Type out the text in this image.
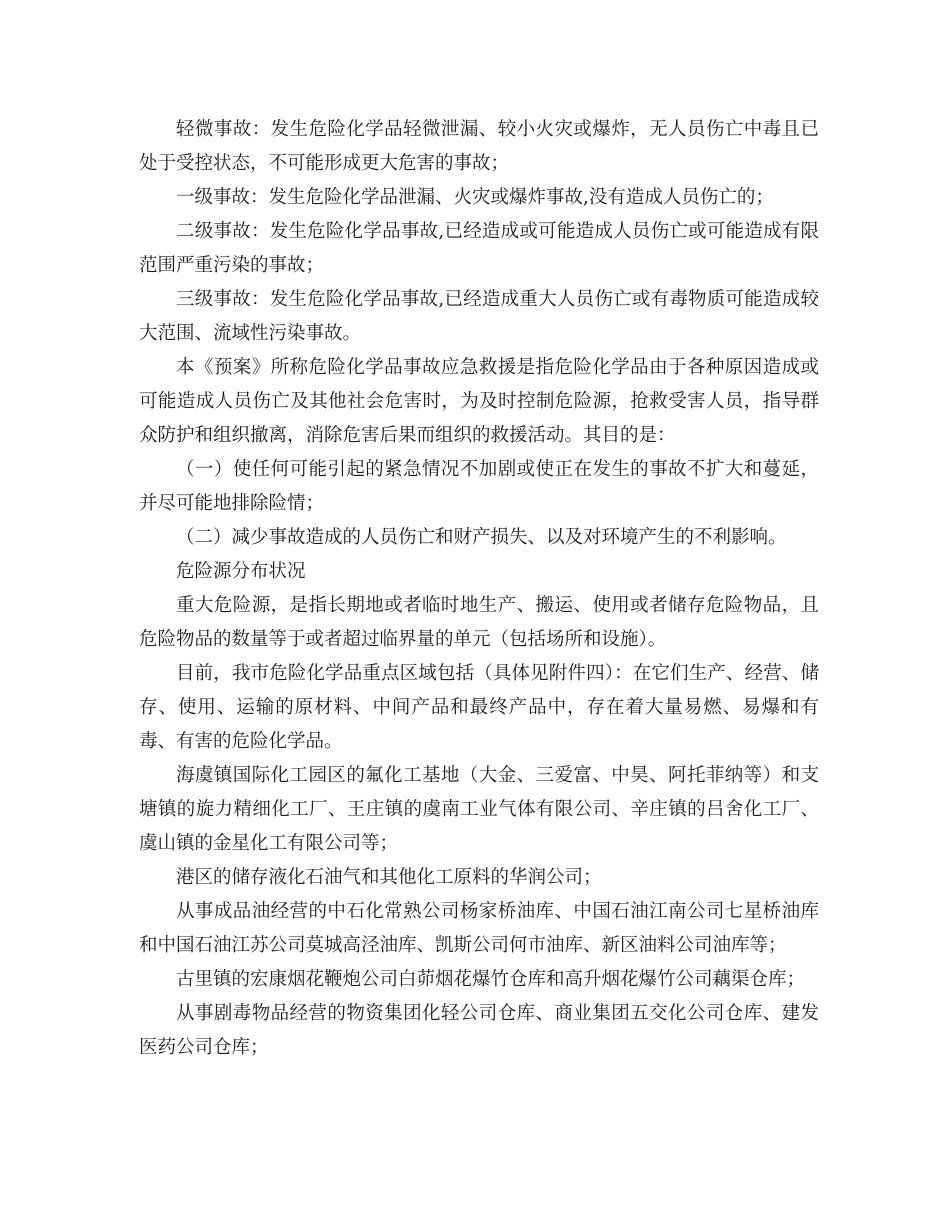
轻微事故：发生危险化学品轻微泄漏、较小火灾或爆炸，无人员伤亡中毒且已处于受控状态，不可能形成更大危害的事故；

一级事故：发生危险化学品泄漏、火灾或爆炸事故,没有造成人员伤亡的；

二级事故：发生危险化学品事故,已经造成或可能造成人员伤亡或可能造成有限范围严重污染的事故；

三级事故：发生危险化学品事故,已经造成重大人员伤亡或有毒物质可能造成较大范围、流域性污染事故。

本《预案》所称危险化学品事故应急救援是指危险化学品由于各种原因造成或可能造成人员伤亡及其他社会危害时，为及时控制危险源，抢救受害人员，指导群众防护和组织撤离，消除危害后果而组织的救援活动。其目的是：

（一）使任何可能引起的紧急情况不加剧或使正在发生的事故不扩大和蔓延，并尽可能地排除险情；

（二）减少事故造成的人员伤亡和财产损失、以及对环境产生的不利影响。

危险源分布状况

重大危险源，是指长期地或者临时地生产、搬运、使用或者储存危险物品，且危险物品的数量等于或者超过临界量的单元（包括场所和设施）。

目前，我市危险化学品重点区域包括（具体见附件四）：在它们生产、经营、储存、使用、运输的原材料、中间产品和最终产品中，存在着大量易燃、易爆和有毒、有害的危险化学品。

海虞镇国际化工园区的氟化工基地（大金、三爱富、中昊、阿托菲纳等）和支塘镇的旋力精细化工厂、王庄镇的虞南工业气体有限公司、辛庄镇的吕舍化工厂、虞山镇的金星化工有限公司等；

港区的储存液化石油气和其他化工原料的华润公司；

从事成品油经营的中石化常熟公司杨家桥油库、中国石油江南公司七星桥油库和中国石油江苏公司莫城高泾油库、凯斯公司何市油库、新区油料公司油库等；

古里镇的宏康烟花鞭炮公司白茆烟花爆竹仓库和高升烟花爆竹公司藕渠仓库；

从事剧毒物品经营的物资集团化轻公司仓库、商业集团五交化公司仓库、建发医药公司仓库；
